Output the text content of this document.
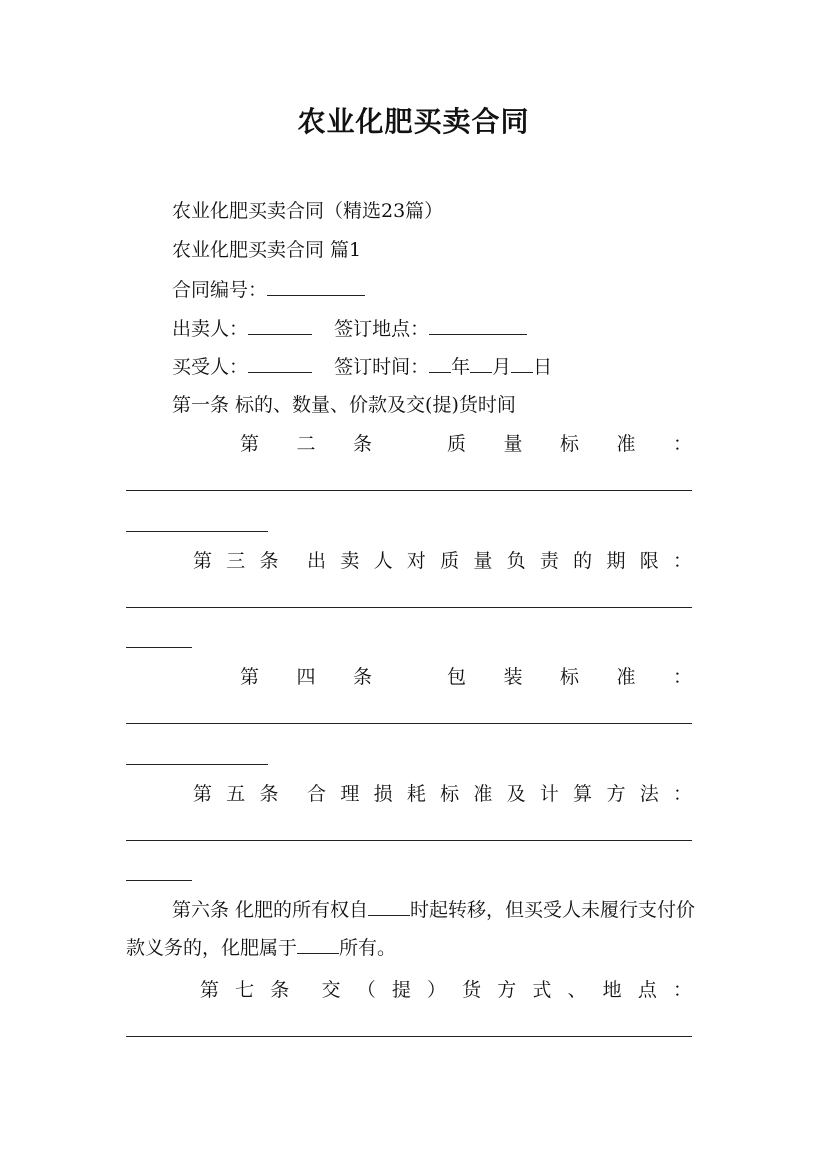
农业化肥买卖合同
农业化肥买卖合同（精选23篇）
农业化肥买卖合同 篇1
合同编号：
出卖人：	签订地点：
买受人：	签订时间： 年 月 日
第一条 标的、数量、价款及交(提)货时间
第 二 条	质 量 标 准 ：
第 三 条 出 卖 人 对 质 量 负 责 的 期 限 ：
第 四 条	包 装 标 准 ：
第 五 条 合 理 损 耗 标 准 及 计 算 方 法 ：
第六条 化肥的所有权自 时起转移，但买受人未履行支付价款义务的，化肥属于 所有。
第 七 条 交 （ 提 ） 货 方 式 、 地 点 ：
